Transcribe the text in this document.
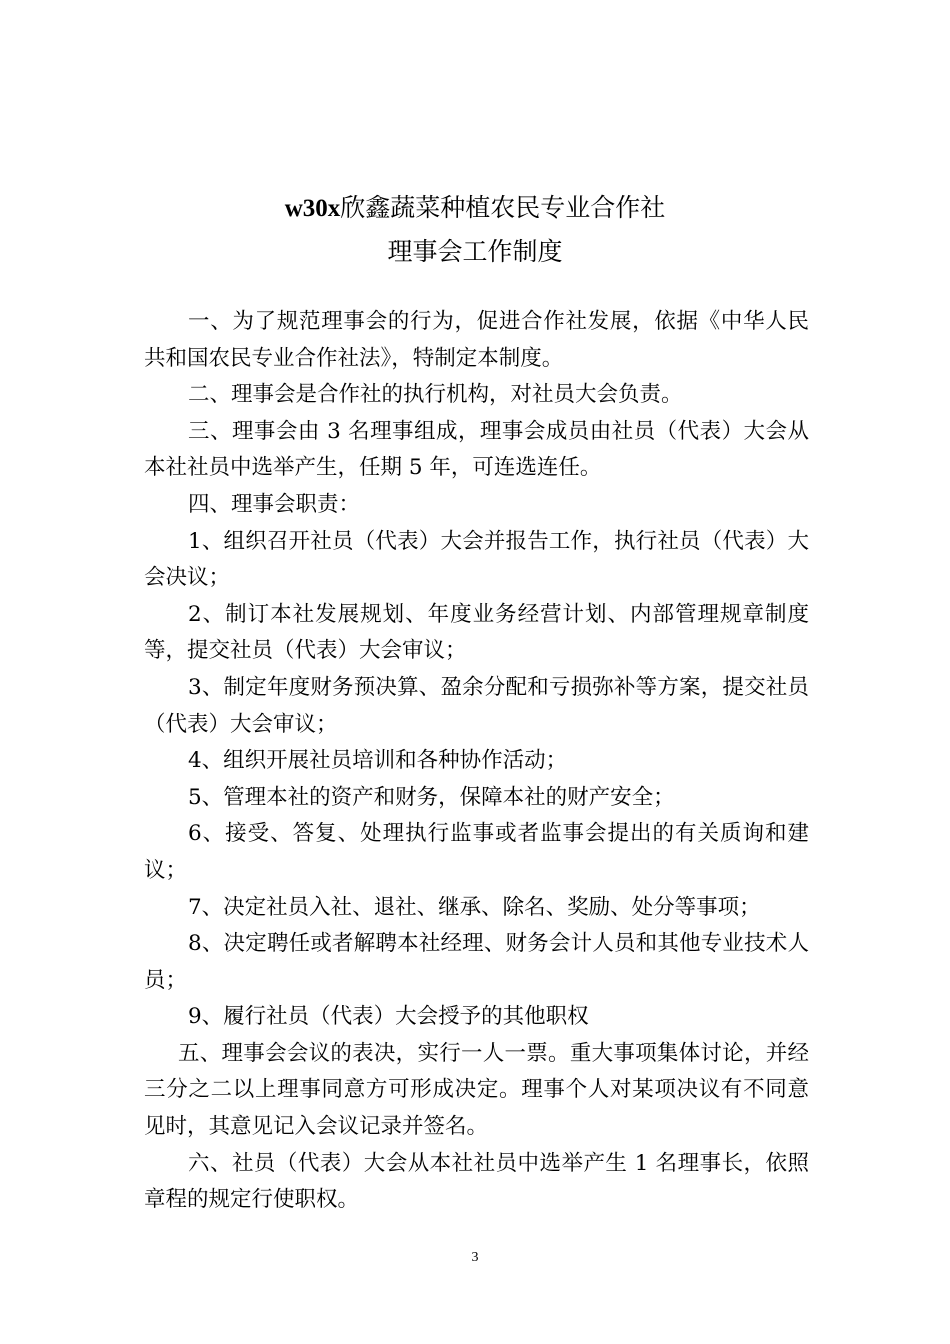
w30x欣鑫蔬菜种植农民专业合作社
理事会工作制度

一、为了规范理事会的行为，促进合作社发展，依据《中华人民共和国农民专业合作社法》，特制定本制度。

二、理事会是合作社的执行机构，对社员大会负责。

三、理事会由 3 名理事组成，理事会成员由社员（代表）大会从本社社员中选举产生，任期 5 年，可连选连任。

四、理事会职责：

1、组织召开社员（代表）大会并报告工作，执行社员（代表）大会决议；

2、制订本社发展规划、年度业务经营计划、内部管理规章制度等，提交社员（代表）大会审议；

3、制定年度财务预决算、盈余分配和亏损弥补等方案，提交社员（代表）大会审议；

4、组织开展社员培训和各种协作活动；

5、管理本社的资产和财务，保障本社的财产安全；

6、接受、答复、处理执行监事或者监事会提出的有关质询和建议；

7、决定社员入社、退社、继承、除名、奖励、处分等事项；

8、决定聘任或者解聘本社经理、财务会计人员和其他专业技术人员；

9、履行社员（代表）大会授予的其他职权

五、理事会会议的表决，实行一人一票。重大事项集体讨论，并经三分之二以上理事同意方可形成决定。理事个人对某项决议有不同意见时，其意见记入会议记录并签名。

六、社员（代表）大会从本社社员中选举产生 1 名理事长，依照章程的规定行使职权。

3
